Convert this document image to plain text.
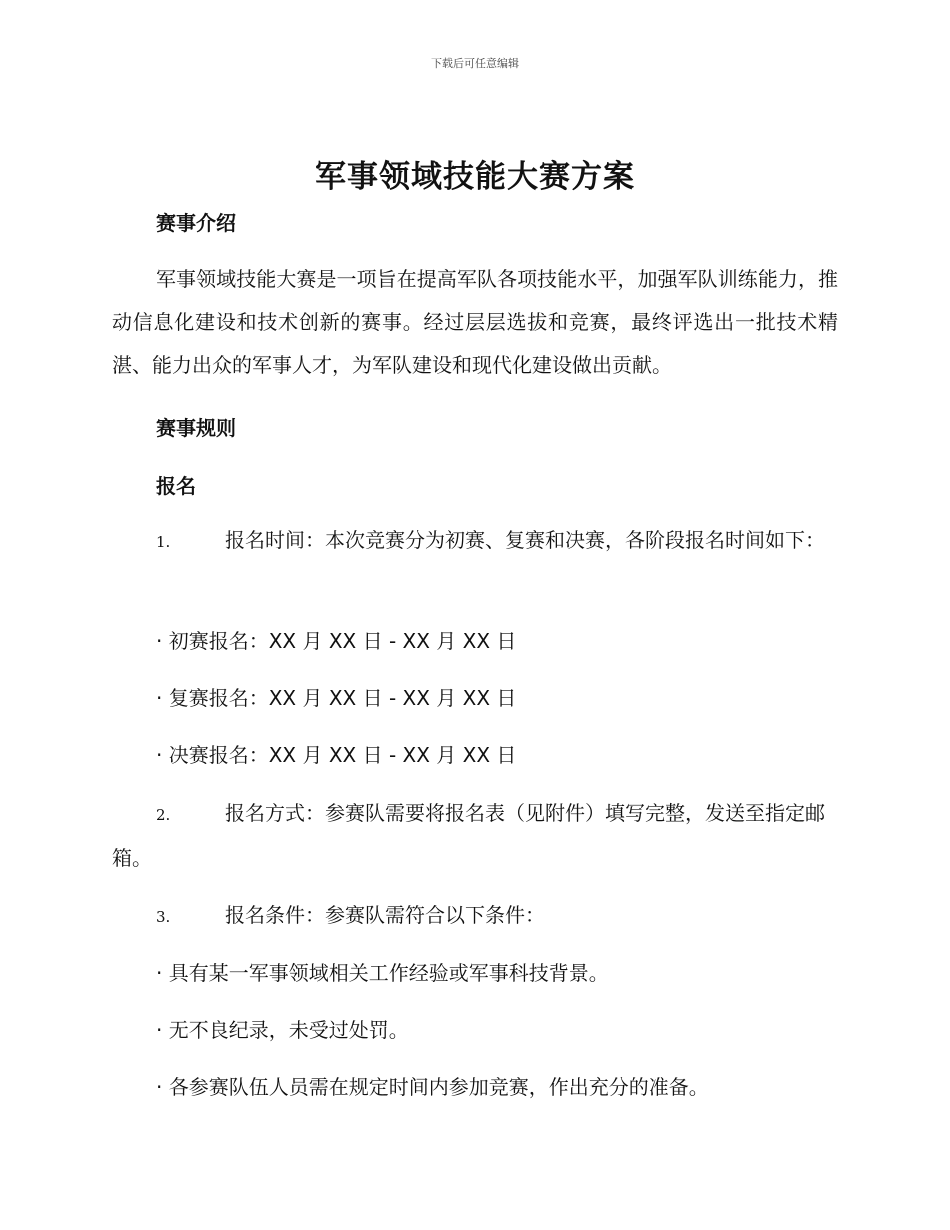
下载后可任意编辑
军事领域技能大赛方案
赛事介绍
军事领域技能大赛是一项旨在提高军队各项技能水平，加强军队训练能力，推动信息化建设和技术创新的赛事。经过层层选拔和竞赛，最终评选出一批技术精湛、能力出众的军事人才，为军队建设和现代化建设做出贡献。
赛事规则
报名
1.	报名时间：本次竞赛分为初赛、复赛和决赛，各阶段报名时间如下：
· 初赛报名：XX 月 XX 日 - XX 月 XX 日
· 复赛报名：XX 月 XX 日 - XX 月 XX 日
· 决赛报名：XX 月 XX 日 - XX 月 XX 日
2.	报名方式：参赛队需要将报名表（见附件）填写完整，发送至指定邮箱。
3.	报名条件：参赛队需符合以下条件：
· 具有某一军事领域相关工作经验或军事科技背景。
· 无不良纪录，未受过处罚。
· 各参赛队伍人员需在规定时间内参加竞赛，作出充分的准备。
